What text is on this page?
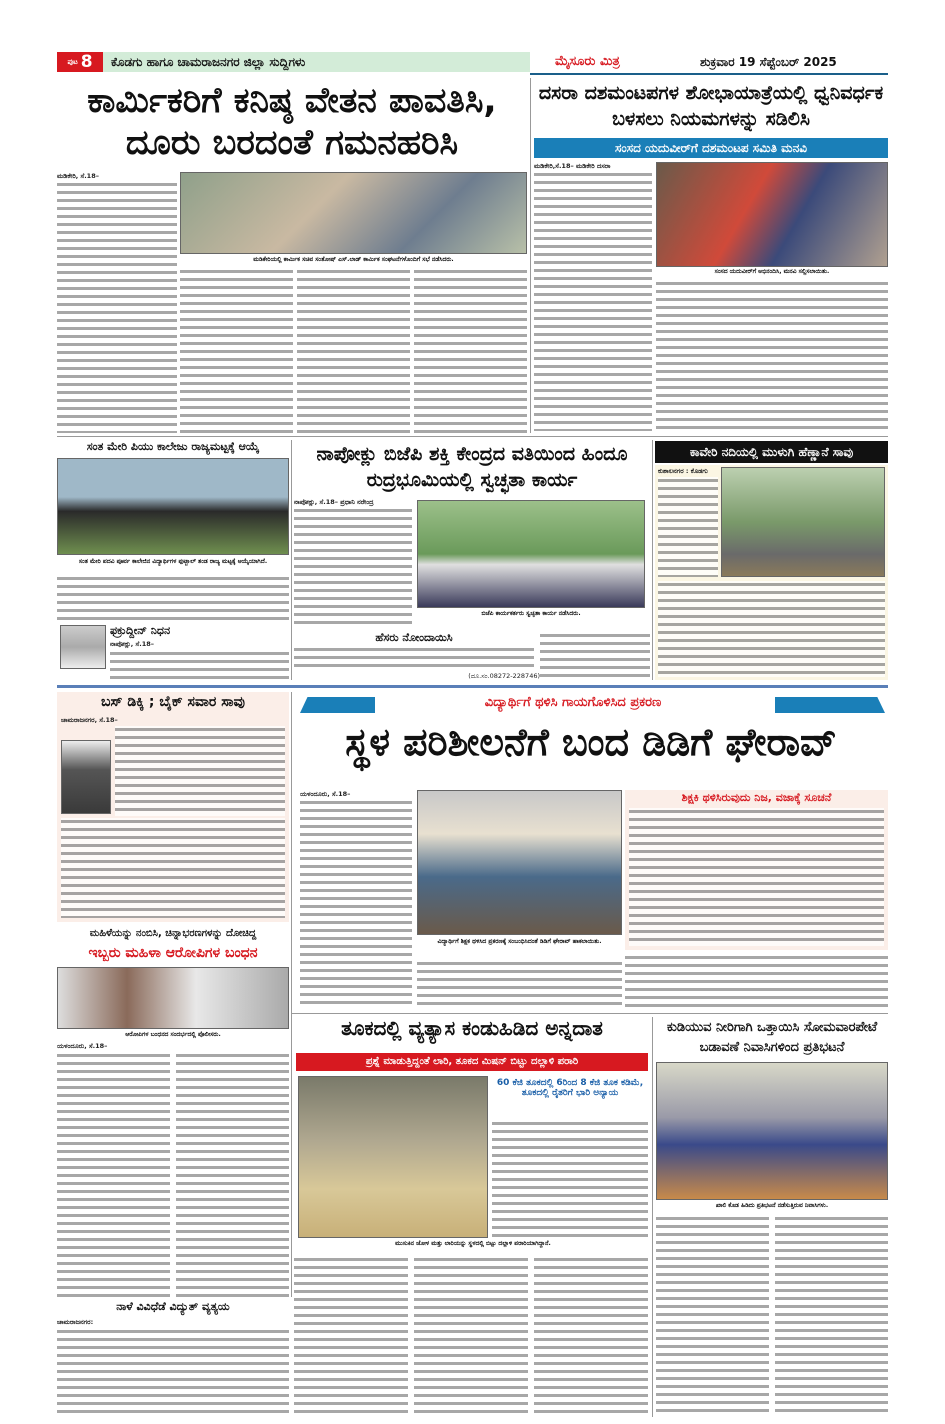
ಪುಟ 8 ಕೊಡಗು ಹಾಗೂ ಚಾಮರಾಜನಗರ ಜಿಲ್ಲಾ ಸುದ್ದಿಗಳು	ಮೈಸೂರು ಮಿತ್ರ	ಶುಕ್ರವಾರ 19 ಸೆಪ್ಟೆಂಬರ್ 2025
ಕಾರ್ಮಿಕರಿಗೆ ಕನಿಷ್ಠ ವೇತನ ಪಾವತಿಸಿ, ದೂರು ಬರದಂತೆ ಗಮನಹರಿಸಿ
ಮಡಿಕೇರಿ, ಸೆ.18–
ಮಡಿಕೇರಿಯಲ್ಲಿ ಕಾರ್ಮಿಕ ಸಚಿವ ಸಂತೋಷ್ ಎಸ್.ಲಾಡ್ ಕಾರ್ಮಿಕ ಸಂಘಟನೆಗಳೊಂದಿಗೆ ಸಭೆ ನಡೆಸಿದರು.
ದಸರಾ ದಶಮಂಟಪಗಳ ಶೋಭಾಯಾತ್ರೆಯಲ್ಲಿ ಧ್ವನಿವರ್ಧಕ ಬಳಸಲು ನಿಯಮಗಳನ್ನು ಸಡಿಲಿಸಿ
ಸಂಸದ ಯದುವೀರ್‌ಗೆ ದಶಮಂಟಪ ಸಮಿತಿ ಮನವಿ
ಮಡಿಕೇರಿ,ಸೆ.18– ಮಡಿಕೇರಿ ದಸರಾ
ಸಂಸದ ಯದುವೀರ್‌ಗೆ ಅಭಿನಂದಿಸಿ, ಮನವಿ ಸಲ್ಲಿಸಲಾಯಿತು.
ಸಂತ ಮೇರಿ ಪಿಯು ಕಾಲೇಜು ರಾಜ್ಯಮಟ್ಟಕ್ಕೆ ಆಯ್ಕೆ
ಸಂತ ಮೇರಿ ಪದವಿ ಪೂರ್ವ ಕಾಲೇಜಿನ ವಿದ್ಯಾರ್ಥಿಗಳ ಫುಟ್ಬಾಲ್ ತಂಡ ರಾಜ್ಯ ಮಟ್ಟಕ್ಕೆ ಆಯ್ಕೆಯಾಗಿದೆ.
ಫಕ್ರುದ್ದೀನ್ ನಿಧನ
ನಾಪೋಕ್ಲು, ಸೆ.18–
ನಾಪೋಕ್ಲು ಬಿಜೆಪಿ ಶಕ್ತಿ ಕೇಂದ್ರದ ವತಿಯಿಂದ ಹಿಂದೂ ರುದ್ರಭೂಮಿಯಲ್ಲಿ ಸ್ವಚ್ಛತಾ ಕಾರ್ಯ
ನಾಪೋಕ್ಲು, ಸೆ.18– ಪ್ರಧಾನಿ ನರೇಂದ್ರ
ಬಿಜೆಪಿ ಕಾರ್ಯಕರ್ತರು ಸ್ವಚ್ಛತಾ ಕಾರ್ಯ ನಡೆಸಿದರು.
ಹೆಸರು ನೋಂದಾಯಿಸಿ
(ದೂ.ಸಂ.08272-228746)
ಕಾವೇರಿ ನದಿಯಲ್ಲಿ ಮುಳುಗಿ ಹೆಣ್ಣಾನೆ ಸಾವು
ಕುಶಾಲನಗರ : ಕೊಡಗು
ಬಸ್ ಡಿಕ್ಕಿ ; ಬೈಕ್ ಸವಾರ ಸಾವು
ಚಾಮರಾಜನಗರ, ಸೆ.18–
ಮಹಿಳೆಯನ್ನು ನಂಬಿಸಿ, ಚಿನ್ನಾಭರಣಗಳನ್ನು ದೋಚಿದ್ದ
ಇಬ್ಬರು ಮಹಿಳಾ ಆರೋಪಿಗಳ ಬಂಧನ
ಆರೋಪಿಗಳ ಬಂಧನದ ಸಂದರ್ಭದಲ್ಲಿ ಪೊಲೀಸರು.
ಯಳಂದೂರು, ಸೆ.18–
ವಿದ್ಯಾರ್ಥಿಗೆ ಥಳಿಸಿ ಗಾಯಗೊಳಿಸಿದ ಪ್ರಕರಣ
ಸ್ಥಳ ಪರಿಶೀಲನೆಗೆ ಬಂದ ಡಿಡಿಗೆ ಘೇರಾವ್
ಯಳಂದೂರು, ಸೆ.18–
ವಿದ್ಯಾರ್ಥಿಗೆ ಶಿಕ್ಷಕ ಥಳಿಸಿದ ಪ್ರಕರಣಕ್ಕೆ ಸಂಬಂಧಿಸಿದಂತೆ ಡಿಡಿಗೆ ಘೇರಾವ್ ಹಾಕಲಾಯಿತು.
ಶಿಕ್ಷಕಿ ಥಳಿಸಿರುವುದು ನಿಜ, ವಜಾಕ್ಕೆ ಸೂಚನೆ
ತೂಕದಲ್ಲಿ ವ್ಯತ್ಯಾಸ ಕಂಡುಹಿಡಿದ ಅನ್ನದಾತ
ಪ್ರಶ್ನೆ ಮಾಡುತ್ತಿದ್ದಂತೆ ಲಾರಿ, ತೂಕದ ಮಿಷನ್ ಬಿಟ್ಟು ದಲ್ಲಾಳಿ ಪರಾರಿ
60 ಕೆಜಿ ತೂಕದಲ್ಲಿ 6ರಿಂದ 8 ಕೆಜಿ ತೂಕ ಕಡಿಮೆ, ತೂಕದಲ್ಲಿ ರೈತರಿಗೆ ಭಾರಿ ಅನ್ಯಾಯ
ಮುಸುಕಿನ ಜೋಳ ಮತ್ತು ಲಾರಿಯನ್ನು ಸ್ಥಳದಲ್ಲಿ ಬಿಟ್ಟು ದಲ್ಲಾಳಿ ಪರಾರಿಯಾಗಿದ್ದಾನೆ.
ಕುಡಿಯುವ ನೀರಿಗಾಗಿ ಒತ್ತಾಯಿಸಿ ಸೋಮವಾರಪೇಟೆ ಬಡಾವಣೆ ನಿವಾಸಿಗಳಿಂದ ಪ್ರತಿಭಟನೆ
ಖಾಲಿ ಕೊಡ ಹಿಡಿದು ಪ್ರತಿಭಟನೆ ನಡೆಸುತ್ತಿರುವ ನಿವಾಸಿಗಳು.
ನಾಳೆ ವಿವಿಧೆಡೆ ವಿದ್ಯುತ್ ವ್ಯತ್ಯಯ
ಚಾಮರಾಜನಗರ:
